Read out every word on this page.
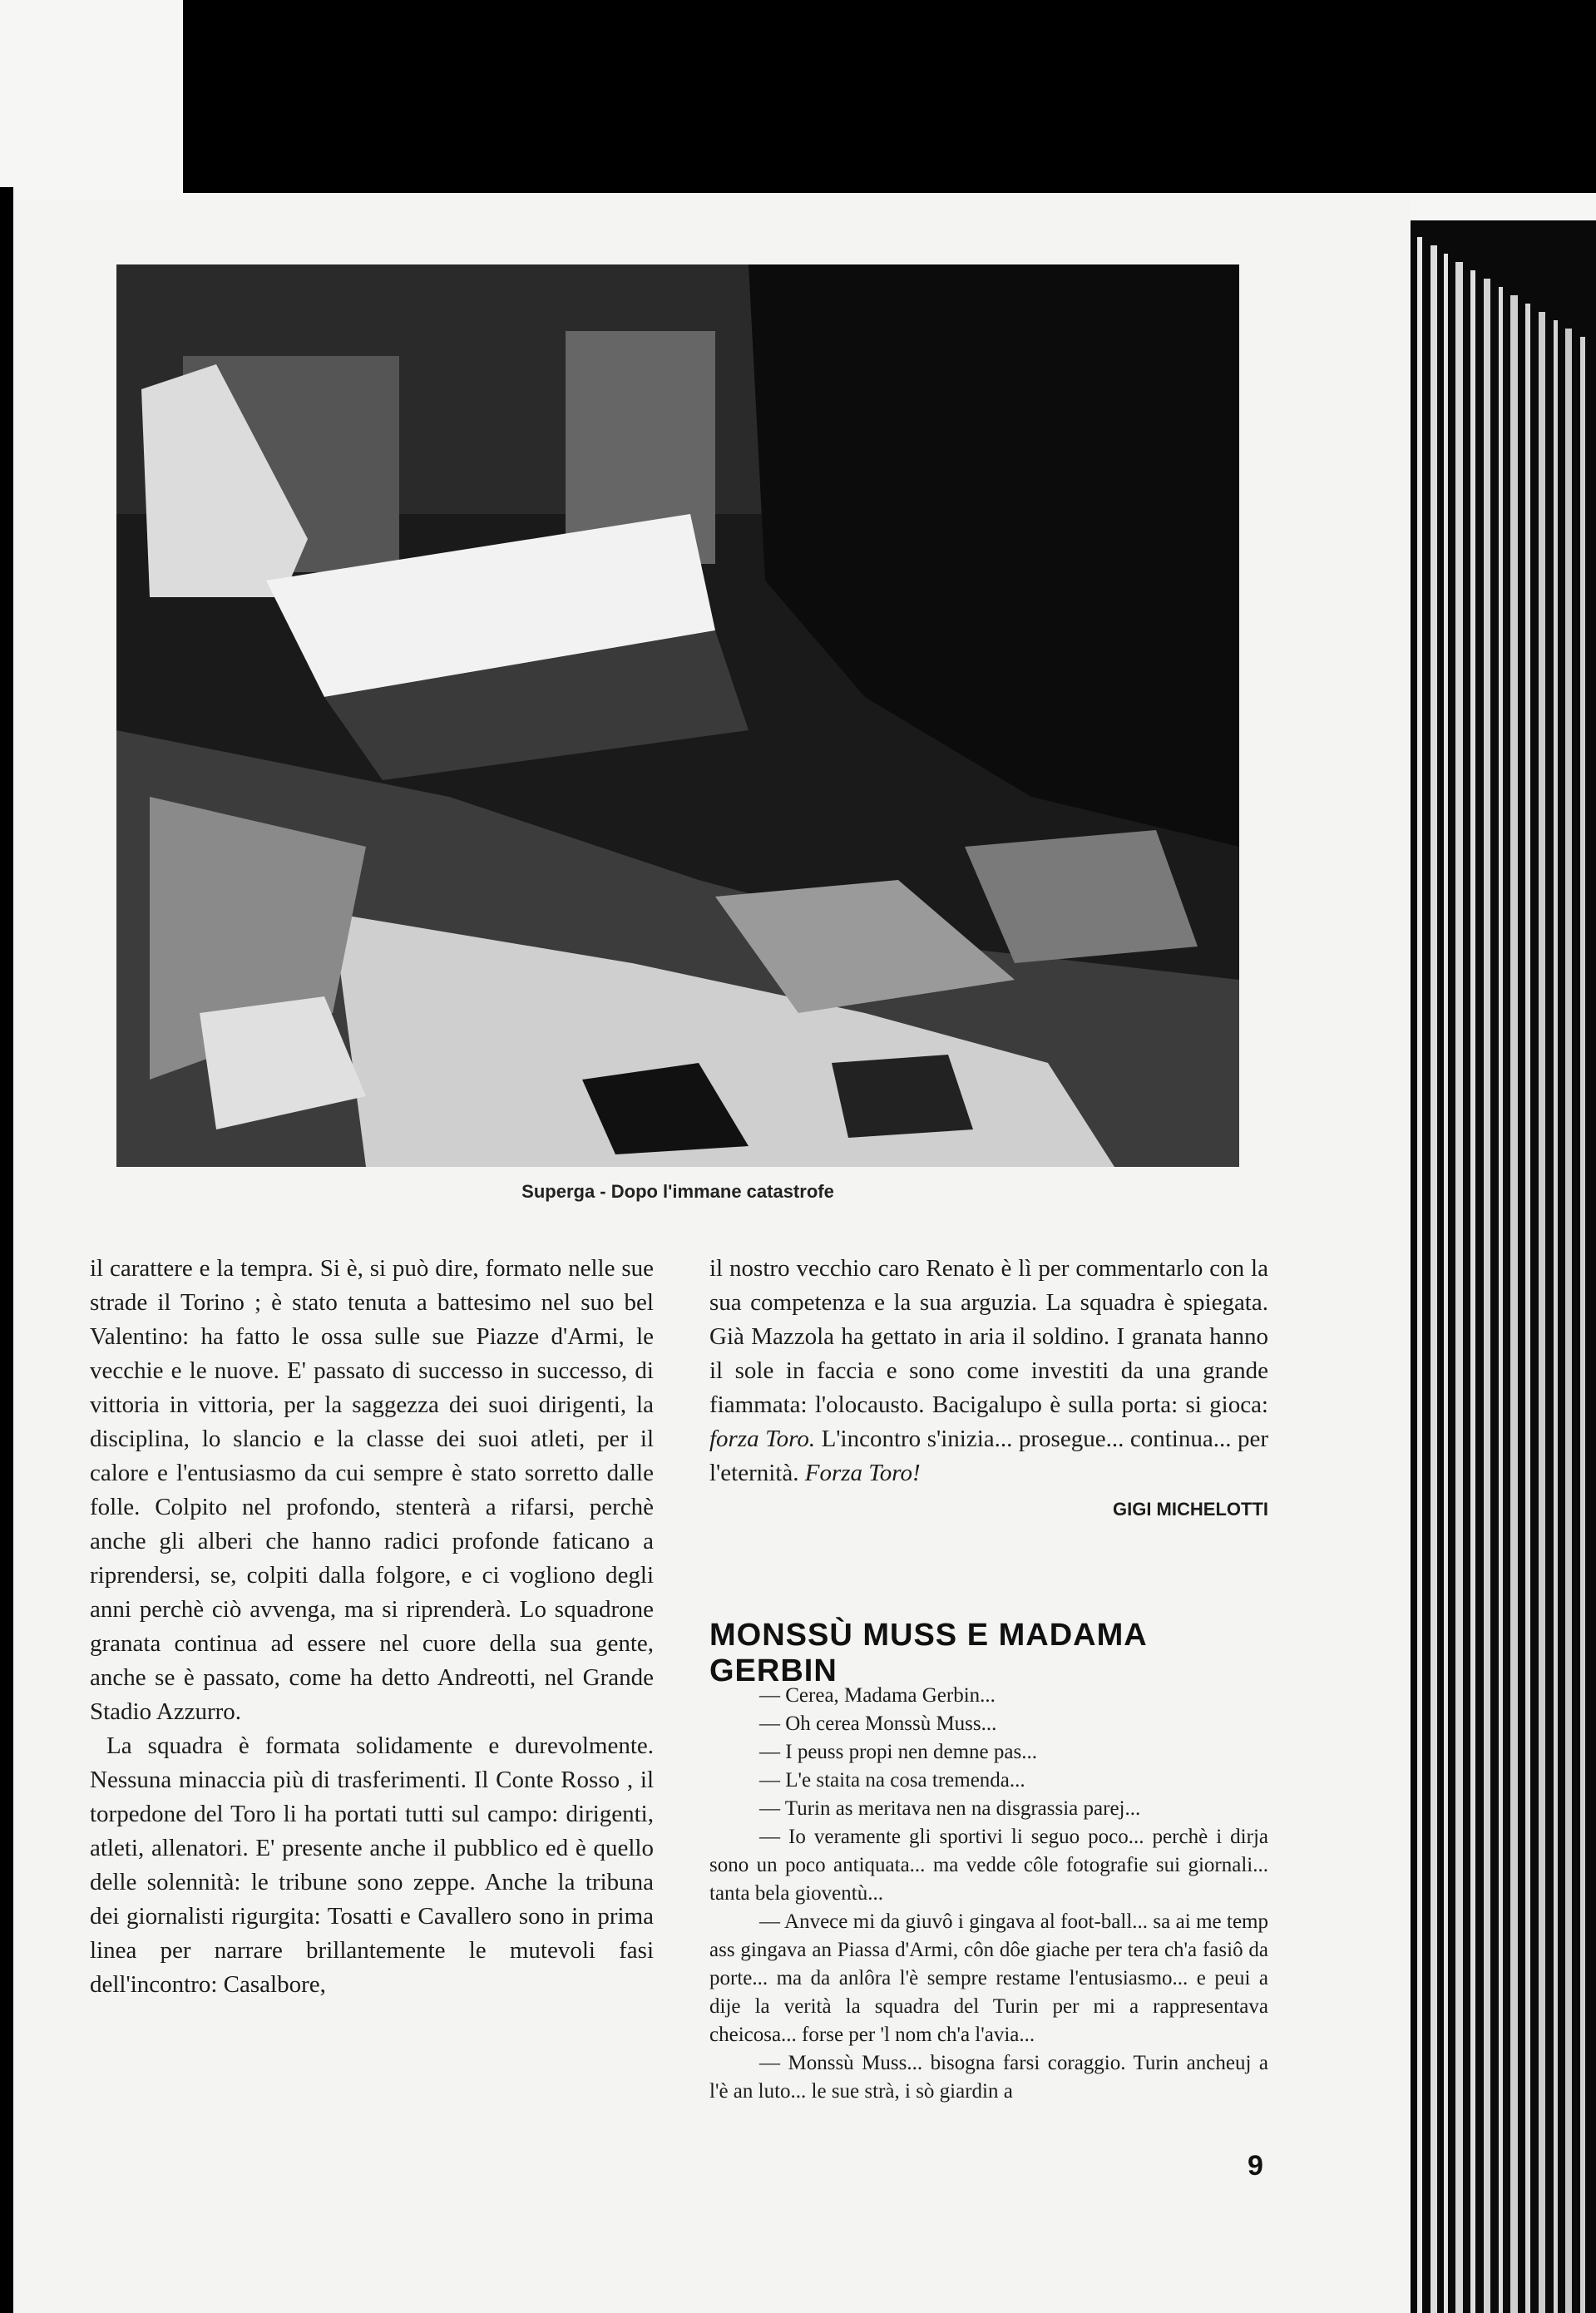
Superga - Dopo l'immane catastrofe

il carattere e la tempra. Si è, si può dire, formato nelle sue strade il Torino ; è stato tenuta a battesimo nel suo bel Valentino: ha fatto le ossa sulle sue Piazze d'Armi, le vecchie e le nuove. E' passato di successo in successo, di vittoria in vittoria, per la saggezza dei suoi dirigenti, la disciplina, lo slancio e la classe dei suoi atleti, per il calore e l'entusiasmo da cui sempre è stato sorretto dalle folle. Colpito nel profondo, stenterà a rifarsi, perchè anche gli alberi che hanno radici profonde faticano a riprendersi, se, colpiti dalla folgore, e ci vogliono degli anni perchè ciò avvenga, ma si riprenderà. Lo squadrone granata continua ad essere nel cuore della sua gente, anche se è passato, come ha detto Andreotti, nel Grande Stadio Azzurro.

La squadra è formata solidamente e durevolmente. Nessuna minaccia più di trasferimenti. Il Conte Rosso , il torpedone del Toro li ha portati tutti sul campo: dirigenti, atleti, allenatori. E' presente anche il pubblico ed è quello delle solennità: le tribune sono zeppe. Anche la tribuna dei giornalisti rigurgita: Tosatti e Cavallero sono in prima linea per narrare brillantemente le mutevoli fasi dell'incontro: Casalbore,

il nostro vecchio caro Renato è lì per commentarlo con la sua competenza e la sua arguzia. La squadra è spiegata. Già Mazzola ha gettato in aria il soldino. I granata hanno il sole in faccia e sono come investiti da una grande fiammata: l'olocausto. Bacigalupo è sulla porta: si gioca: forza Toro. L'incontro s'inizia... prosegue... continua... per l'eternità. Forza Toro!

GIGI MICHELOTTI
MONSSÙ MUSS E MADAMA GERBIN

— Cerea, Madama Gerbin...

— Oh cerea Monssù Muss...

— I peuss propi nen demne pas...

— L'e staita na cosa tremenda...

— Turin as meritava nen na disgrassia parej...

— Io veramente gli sportivi li seguo poco... perchè i dirja sono un poco antiquata... ma vedde côle fotografie sui giornali... tanta bela gioventù...

— Anvece mi da giuvô i gingava al foot-ball... sa ai me temp ass gingava an Piassa d'Armi, côn dôe giache per tera ch'a fasiô da porte... ma da anlôra l'è sempre restame l'entusiasmo... e peui a dije la verità la squadra del Turin per mi a rappresentava cheicosa... forse per 'l nom ch'a l'avia...

— Monssù Muss... bisogna farsi coraggio. Turin ancheuj a l'è an luto... le sue strà, i sò giardin a

9
